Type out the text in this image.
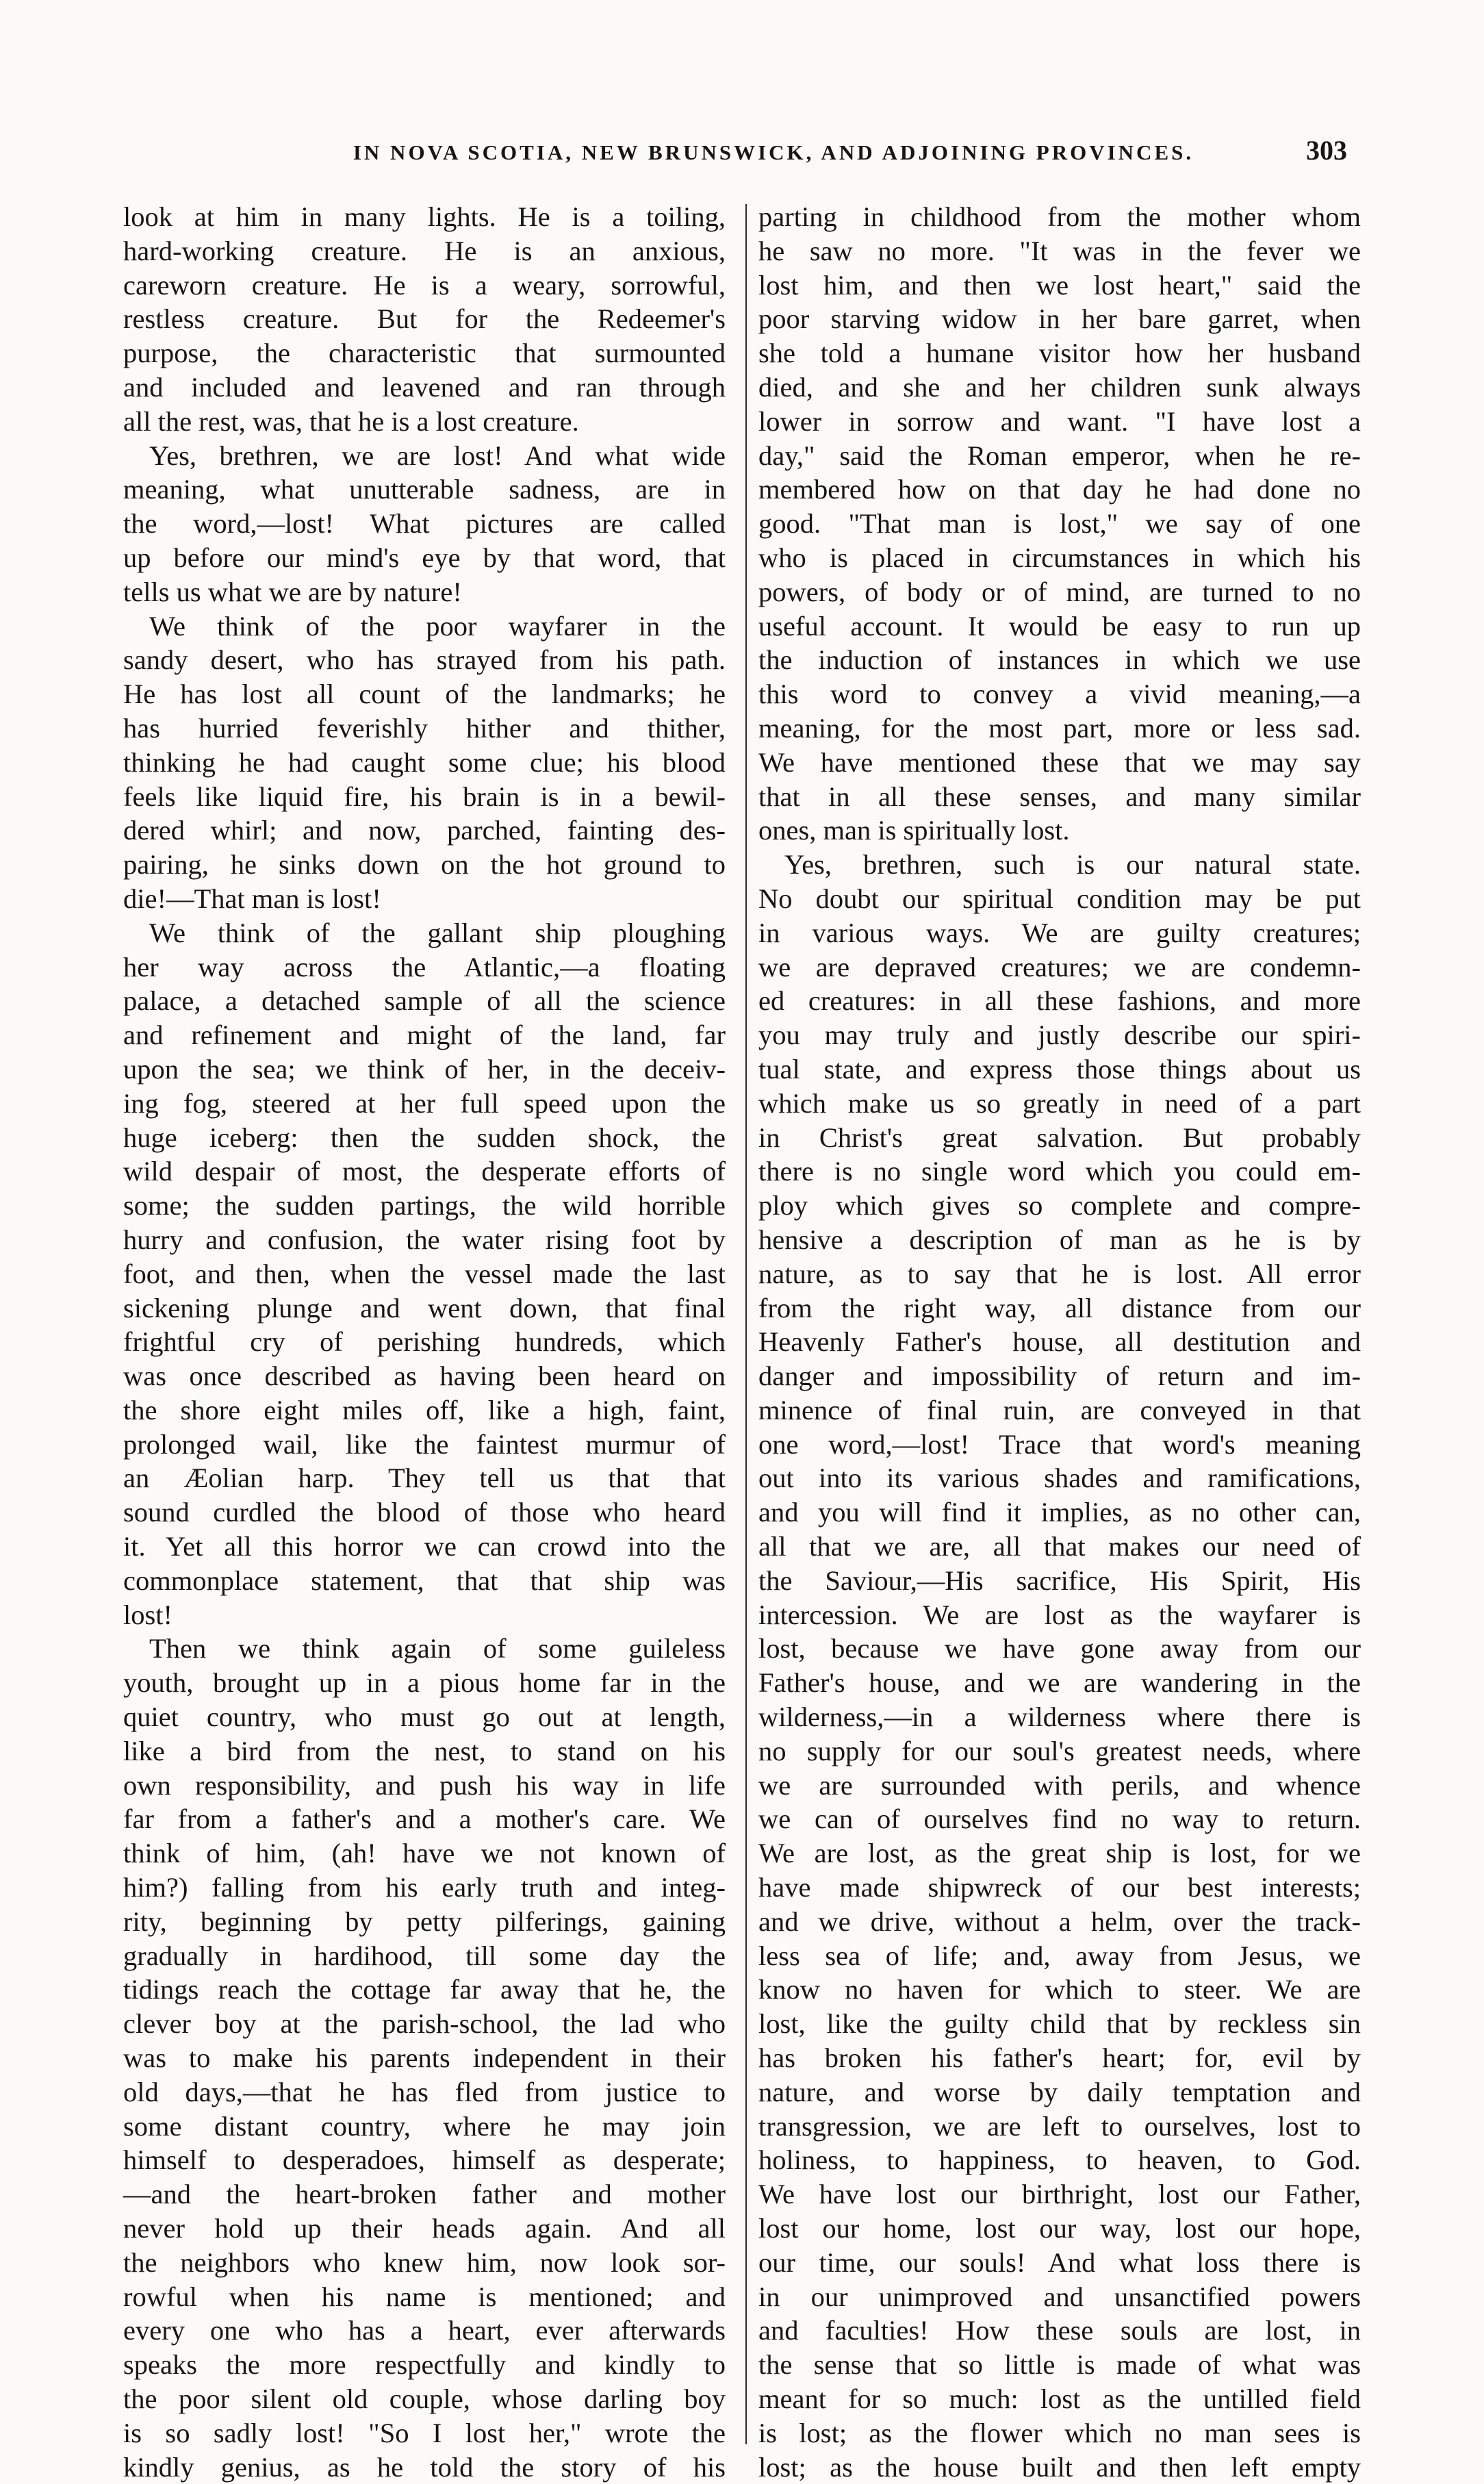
IN NOVA SCOTIA, NEW BRUNSWICK, AND ADJOINING PROVINCES.	303
look at him in many lights. He is a toiling,
hard-working creature. He is an anxious,
careworn creature. He is a weary, sorrowful,
restless creature. But for the Redeemer's
purpose, the characteristic that surmounted
and included and leavened and ran through
all the rest, was, that he is a lost creature.
Yes, brethren, we are lost! And what wide
meaning, what unutterable sadness, are in
the word,—lost! What pictures are called
up before our mind's eye by that word, that
tells us what we are by nature!
We think of the poor wayfarer in the
sandy desert, who has strayed from his path.
He has lost all count of the landmarks; he
has hurried feverishly hither and thither,
thinking he had caught some clue; his blood
feels like liquid fire, his brain is in a bewil-
dered whirl; and now, parched, fainting des-
pairing, he sinks down on the hot ground to
die!—That man is lost!
We think of the gallant ship ploughing
her way across the Atlantic,—a floating
palace, a detached sample of all the science
and refinement and might of the land, far
upon the sea; we think of her, in the deceiv-
ing fog, steered at her full speed upon the
huge iceberg: then the sudden shock, the
wild despair of most, the desperate efforts of
some; the sudden partings, the wild horrible
hurry and confusion, the water rising foot by
foot, and then, when the vessel made the last
sickening plunge and went down, that final
frightful cry of perishing hundreds, which
was once described as having been heard on
the shore eight miles off, like a high, faint,
prolonged wail, like the faintest murmur of
an Æolian harp. They tell us that that
sound curdled the blood of those who heard
it. Yet all this horror we can crowd into the
commonplace statement, that that ship was
lost!
Then we think again of some guileless
youth, brought up in a pious home far in the
quiet country, who must go out at length,
like a bird from the nest, to stand on his
own responsibility, and push his way in life
far from a father's and a mother's care. We
think of him, (ah! have we not known of
him?) falling from his early truth and integ-
rity, beginning by petty pilferings, gaining
gradually in hardihood, till some day the
tidings reach the cottage far away that he, the
clever boy at the parish-school, the lad who
was to make his parents independent in their
old days,—that he has fled from justice to
some distant country, where he may join
himself to desperadoes, himself as desperate;
—and the heart-broken father and mother
never hold up their heads again. And all
the neighbors who knew him, now look sor-
rowful when his name is mentioned; and
every one who has a heart, ever afterwards
speaks the more respectfully and kindly to
the poor silent old couple, whose darling boy
is so sadly lost! "So I lost her," wrote the
kindly genius, as he told the story of his
parting in childhood from the mother whom
he saw no more. "It was in the fever we
lost him, and then we lost heart," said the
poor starving widow in her bare garret, when
she told a humane visitor how her husband
died, and she and her children sunk always
lower in sorrow and want. "I have lost a
day," said the Roman emperor, when he re-
membered how on that day he had done no
good. "That man is lost," we say of one
who is placed in circumstances in which his
powers, of body or of mind, are turned to no
useful account. It would be easy to run up
the induction of instances in which we use
this word to convey a vivid meaning,—a
meaning, for the most part, more or less sad.
We have mentioned these that we may say
that in all these senses, and many similar
ones, man is spiritually lost.
Yes, brethren, such is our natural state.
No doubt our spiritual condition may be put
in various ways. We are guilty creatures;
we are depraved creatures; we are condemn-
ed creatures: in all these fashions, and more
you may truly and justly describe our spiri-
tual state, and express those things about us
which make us so greatly in need of a part
in Christ's great salvation. But probably
there is no single word which you could em-
ploy which gives so complete and compre-
hensive a description of man as he is by
nature, as to say that he is lost. All error
from the right way, all distance from our
Heavenly Father's house, all destitution and
danger and impossibility of return and im-
minence of final ruin, are conveyed in that
one word,—lost! Trace that word's meaning
out into its various shades and ramifications,
and you will find it implies, as no other can,
all that we are, all that makes our need of
the Saviour,—His sacrifice, His Spirit, His
intercession. We are lost as the wayfarer is
lost, because we have gone away from our
Father's house, and we are wandering in the
wilderness,—in a wilderness where there is
no supply for our soul's greatest needs, where
we are surrounded with perils, and whence
we can of ourselves find no way to return.
We are lost, as the great ship is lost, for we
have made shipwreck of our best interests;
and we drive, without a helm, over the track-
less sea of life; and, away from Jesus, we
know no haven for which to steer. We are
lost, like the guilty child that by reckless sin
has broken his father's heart; for, evil by
nature, and worse by daily temptation and
transgression, we are left to ourselves, lost to
holiness, to happiness, to heaven, to God.
We have lost our birthright, lost our Father,
lost our home, lost our way, lost our hope,
our time, our souls! And what loss there is
in our unimproved and unsanctified powers
and faculties! How these souls are lost, in
the sense that so little is made of what was
meant for so much: lost as the untilled field
is lost; as the flower which no man sees is
lost; as the house built and then left empty
